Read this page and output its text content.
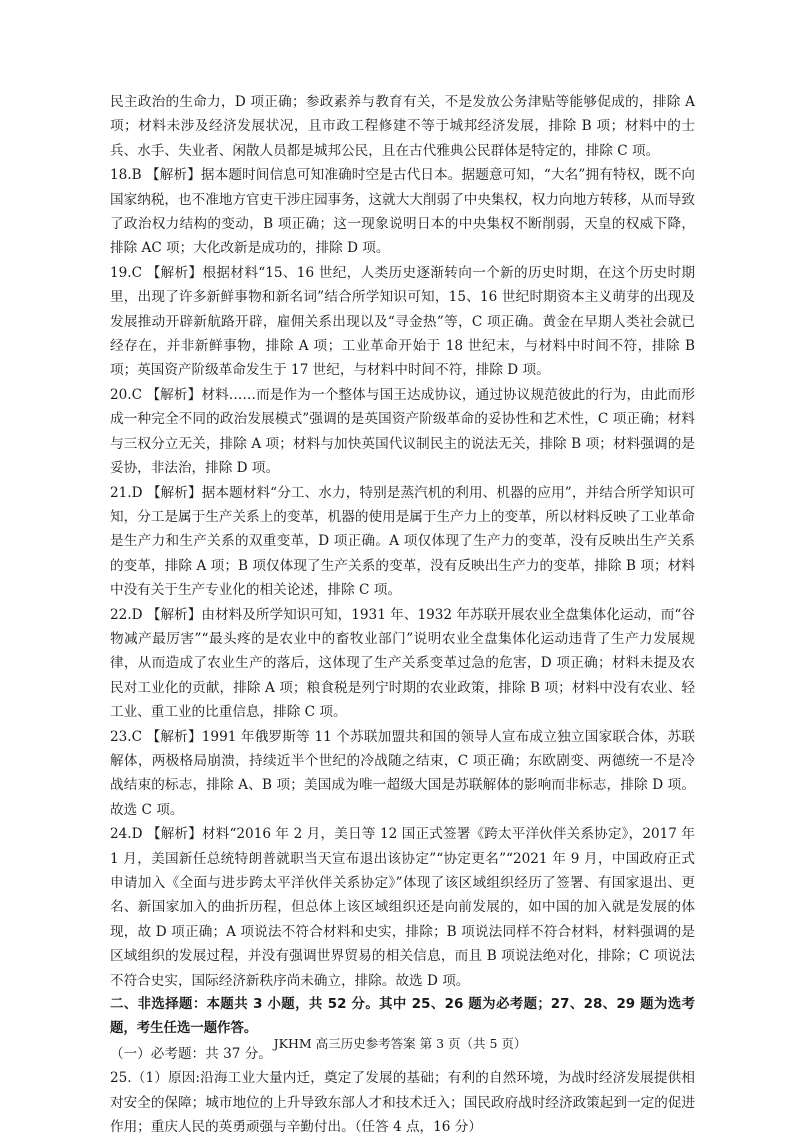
民主政治的生命力，D 项正确；参政素养与教育有关，不是发放公务津贴等能够促成的，排除 A 项；材料未涉及经济发展状况，且市政工程修建不等于城邦经济发展，排除 B 项；材料中的士兵、水手、失业者、闲散人员都是城邦公民，且在古代雅典公民群体是特定的，排除 C 项。

18.B 【解析】据本题时间信息可知准确时空是古代日本。据题意可知，“大名”拥有特权，既不向国家纳税，也不准地方官吏干涉庄园事务，这就大大削弱了中央集权，权力向地方转移，从而导致了政治权力结构的变动，B 项正确；这一现象说明日本的中央集权不断削弱，天皇的权威下降，排除 AC 项；大化改新是成功的，排除 D 项。

19.C 【解析】根据材料“15、16 世纪，人类历史逐渐转向一个新的历史时期，在这个历史时期里，出现了许多新鲜事物和新名词”结合所学知识可知，15、16 世纪时期资本主义萌芽的出现及发展推动开辟新航路开辟，雇佣关系出现以及“寻金热”等，C 项正确。黄金在早期人类社会就已经存在，并非新鲜事物，排除 A 项；工业革命开始于 18 世纪末，与材料中时间不符，排除 B 项；英国资产阶级革命发生于 17 世纪，与材料中时间不符，排除 D 项。

20.C 【解析】材料……而是作为一个整体与国王达成协议，通过协议规范彼此的行为，由此而形成一种完全不同的政治发展模式”强调的是英国资产阶级革命的妥协性和艺术性，C 项正确；材料与三权分立无关，排除 A 项；材料与加快英国代议制民主的说法无关，排除 B 项；材料强调的是妥协，非法治，排除 D 项。

21.D 【解析】据本题材料“分工、水力，特别是蒸汽机的利用、机器的应用”，并结合所学知识可知，分工是属于生产关系上的变革，机器的使用是属于生产力上的变革，所以材料反映了工业革命是生产力和生产关系的双重变革，D 项正确。A 项仅体现了生产力的变革，没有反映出生产关系的变革，排除 A 项；B 项仅体现了生产关系的变革，没有反映出生产力的变革，排除 B 项；材料中没有关于生产专业化的相关论述，排除 C 项。

22.D 【解析】由材料及所学知识可知，1931 年、1932 年苏联开展农业全盘集体化运动，而“谷物减产最厉害”“最头疼的是农业中的畜牧业部门”说明农业全盘集体化运动违背了生产力发展规律，从而造成了农业生产的落后，这体现了生产关系变革过急的危害，D 项正确；材料未提及农民对工业化的贡献，排除 A 项；粮食税是列宁时期的农业政策，排除 B 项；材料中没有农业、轻工业、重工业的比重信息，排除 C 项。

23.C 【解析】1991 年俄罗斯等 11 个苏联加盟共和国的领导人宣布成立独立国家联合体，苏联解体，两极格局崩溃，持续近半个世纪的冷战随之结束，C 项正确；东欧剧变、两德统一不是冷战结束的标志，排除 A、B 项；美国成为唯一超级大国是苏联解体的影响而非标志，排除 D 项。故选 C 项。

24.D 【解析】材料“2016 年 2 月，美日等 12 国正式签署《跨太平洋伙伴关系协定》，2017 年 1 月，美国新任总统特朗普就职当天宣布退出该协定”“协定更名”“2021 年 9 月，中国政府正式申请加入《全面与进步跨太平洋伙伴关系协定》”体现了该区域组织经历了签署、有国家退出、更名、新国家加入的曲折历程，但总体上该区域组织还是向前发展的，如中国的加入就是发展的体现，故 D 项正确；A 项说法不符合材料和史实，排除；B 项说法同样不符合材料，材料强调的是区域组织的发展过程，并没有强调世界贸易的相关信息，而且 B 项说法绝对化，排除；C 项说法不符合史实，国际经济新秩序尚未确立，排除。故选 D 项。

二、非选择题：本题共 3 小题，共 52 分。其中 25、26 题为必考题；27、28、29 题为选考题，考生任选一题作答。

（一）必考题：共 37 分。

25.（1）原因:沿海工业大量内迁，奠定了发展的基础；有利的自然环境，为战时经济发展提供相对安全的保障；城市地位的上升导致东部人才和技术迁入；国民政府战时经济政策起到一定的促进作用；重庆人民的英勇顽强与辛勤付出。（任答 4 点，16 分）

JKHM 高三历史参考答案 第 3 页（共 5 页）
